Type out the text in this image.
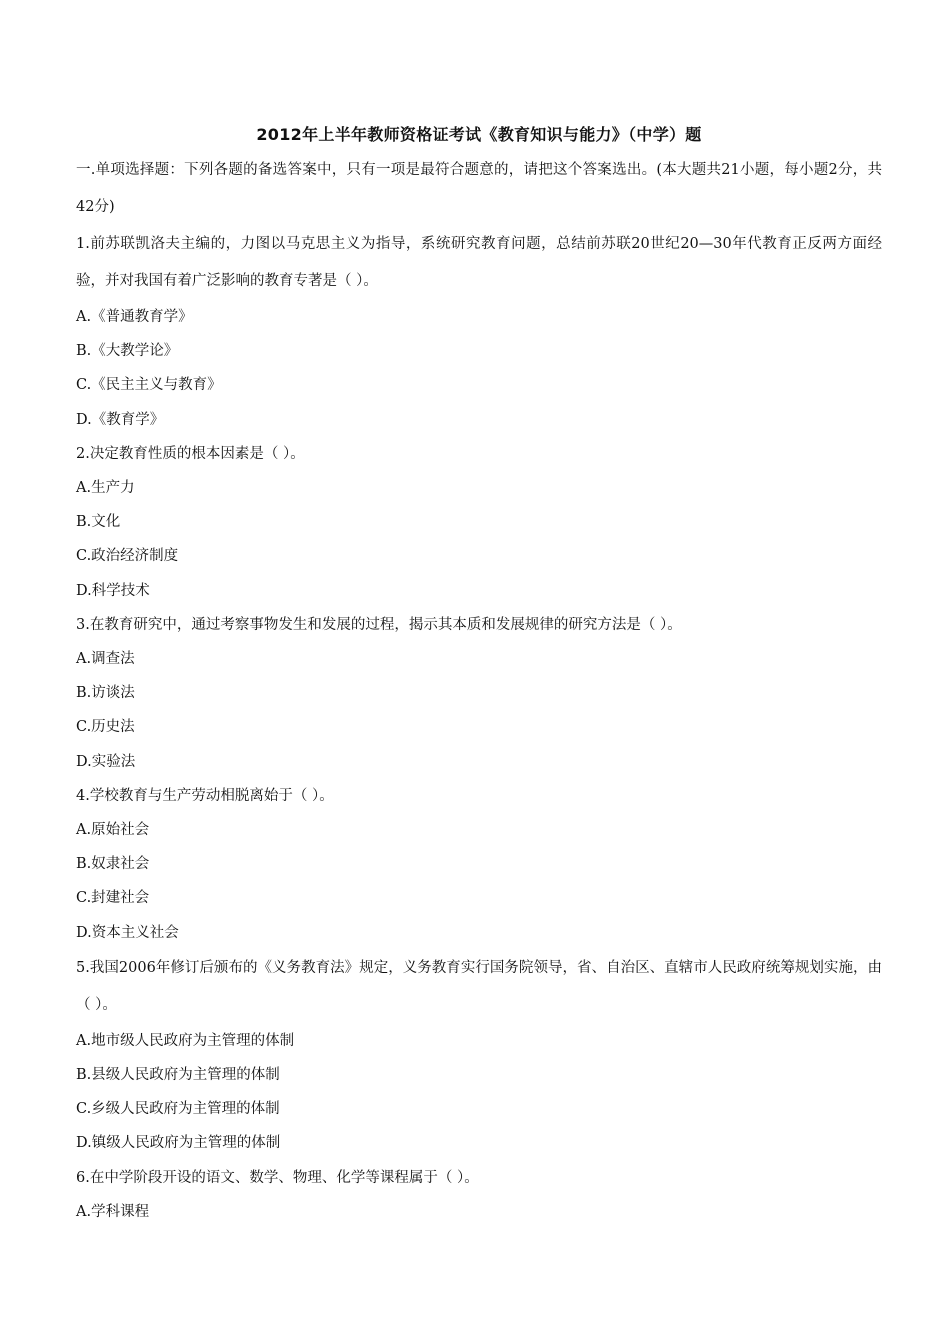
2012年上半年教师资格证考试《教育知识与能力》（中学）题

一.单项选择题：下列各题的备选答案中，只有一项是最符合题意的，请把这个答案选出。(本大题共21小题，每小题2分，共42分)

1.前苏联凯洛夫主编的，力图以马克思主义为指导，系统研究教育问题，总结前苏联20世纪20—30年代教育正反两方面经验，并对我国有着广泛影响的教育专著是（ ）。

A.《普通教育学》

B.《大教学论》

C.《民主主义与教育》

D.《教育学》

2.决定教育性质的根本因素是（ ）。

A.生产力

B.文化

C.政治经济制度

D.科学技术

3.在教育研究中，通过考察事物发生和发展的过程，揭示其本质和发展规律的研究方法是（ ）。

A.调查法

B.访谈法

C.历史法

D.实验法

4.学校教育与生产劳动相脱离始于（ ）。

A.原始社会

B.奴隶社会

C.封建社会

D.资本主义社会

5.我国2006年修订后颁布的《义务教育法》规定，义务教育实行国务院领导，省、自治区、直辖市人民政府统筹规划实施，由（ ）。

A.地市级人民政府为主管理的体制

B.县级人民政府为主管理的体制

C.乡级人民政府为主管理的体制

D.镇级人民政府为主管理的体制

6.在中学阶段开设的语文、数学、物理、化学等课程属于（ ）。

A.学科课程
